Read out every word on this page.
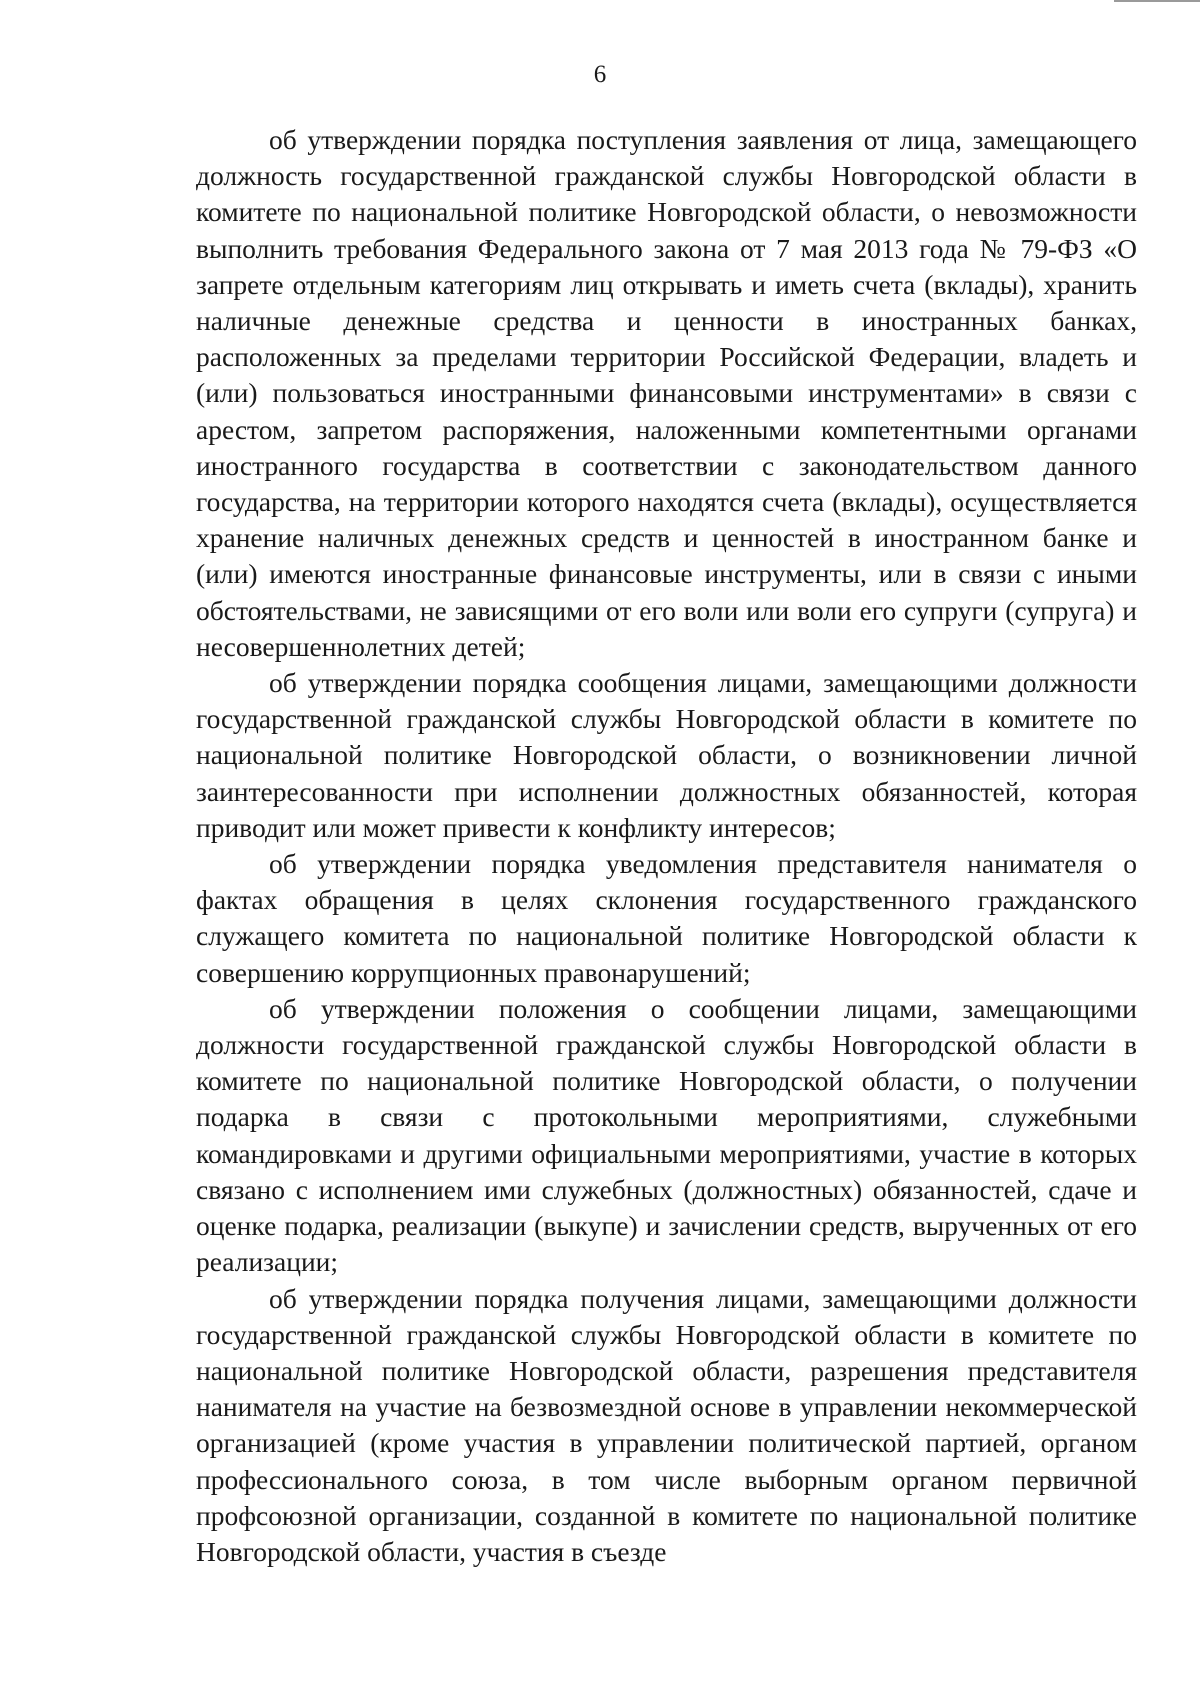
6

об утверждении порядка поступления заявления от лица, замещающего должность государственной гражданской службы Новгородской области в комитете по национальной политике Новгородской области, о невозможности выполнить требования Федерального закона от 7 мая 2013 года № 79-ФЗ «О запрете отдельным категориям лиц открывать и иметь счета (вклады), хранить наличные денежные средства и ценности в иностранных банках, расположенных за пределами территории Российской Федерации, владеть и (или) пользоваться иностранными финансовыми инструментами» в связи с арестом, запретом распоряжения, наложенными компетентными органами иностранного государства в соответствии с законодательством данного государства, на территории которого находятся счета (вклады), осуществляется хранение наличных денежных средств и ценностей в иностранном банке и (или) имеются иностранные финансовые инструменты, или в связи с иными обстоятельствами, не зависящими от его воли или воли его супруги (супруга) и несовершеннолетних детей;

об утверждении порядка сообщения лицами, замещающими должности государственной гражданской службы Новгородской области в комитете по национальной политике Новгородской области, о возникновении личной заинтересованности при исполнении должностных обязанностей, которая приводит или может привести к конфликту интересов;

об утверждении порядка уведомления представителя нанимателя о фактах обращения в целях склонения государственного гражданского служащего комитета по национальной политике Новгородской области к совершению коррупционных правонарушений;

об утверждении положения о сообщении лицами, замещающими должности государственной гражданской службы Новгородской области в комитете по национальной политике Новгородской области, о получении подарка в связи с протокольными мероприятиями, служебными командировками и другими официальными мероприятиями, участие в которых связано с исполнением ими служебных (должностных) обязанностей, сдаче и оценке подарка, реализации (выкупе) и зачислении средств, вырученных от его реализации;

об утверждении порядка получения лицами, замещающими должности государственной гражданской службы Новгородской области в комитете по национальной политике Новгородской области, разрешения представителя нанимателя на участие на безвозмездной основе в управлении некоммерческой организацией (кроме участия в управлении политической партией, органом профессионального союза, в том числе выборным органом первичной профсоюзной организации, созданной в комитете по национальной политике Новгородской области, участия в съезде
